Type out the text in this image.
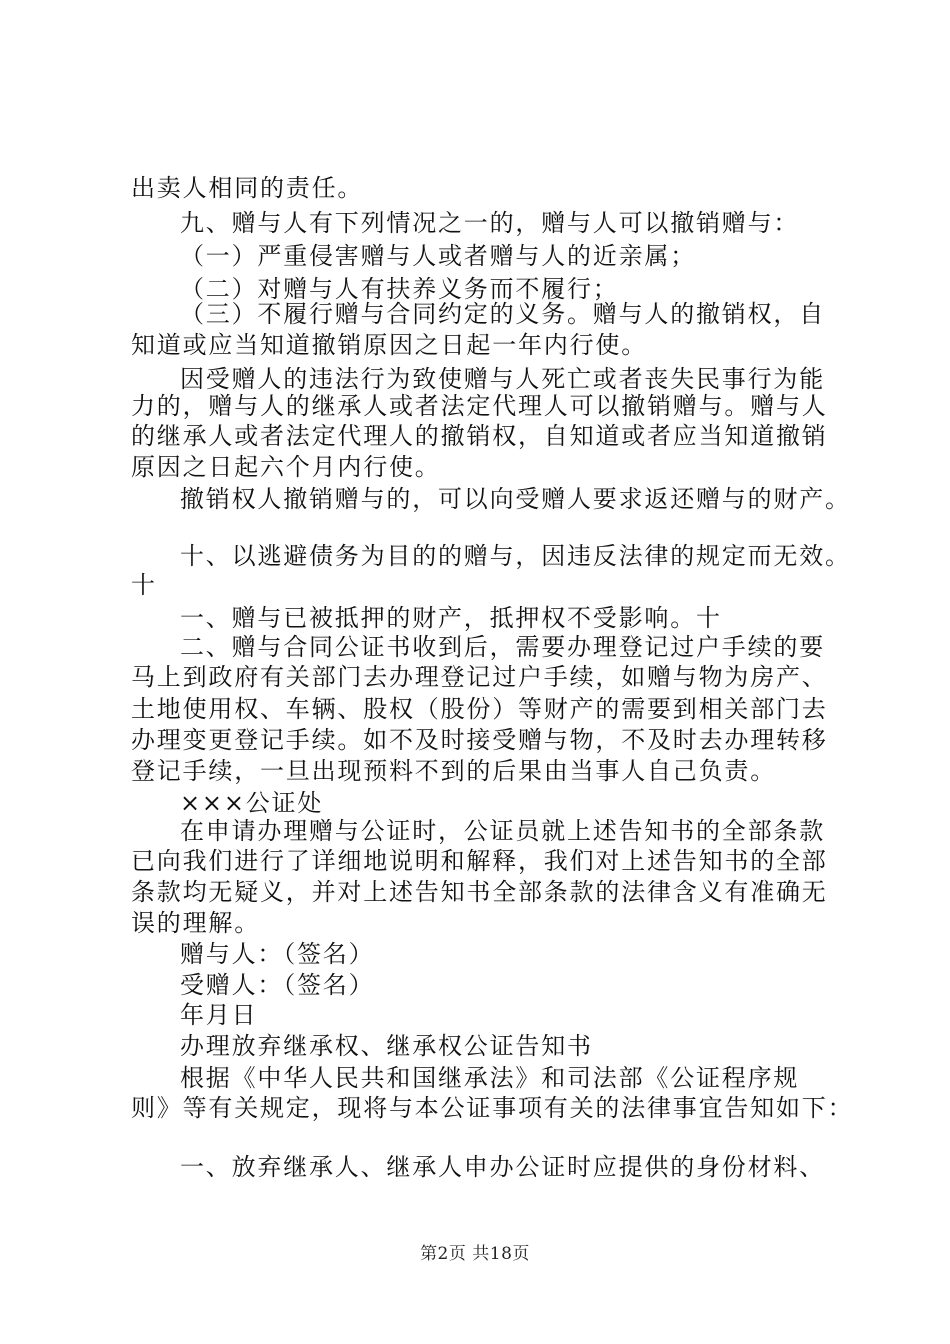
出卖人相同的责任。
九、赠与人有下列情况之一的，赠与人可以撤销赠与：
（一）严重侵害赠与人或者赠与人的近亲属；
（二）对赠与人有扶养义务而不履行；
（三）不履行赠与合同约定的义务。赠与人的撤销权，自
知道或应当知道撤销原因之日起一年内行使。
因受赠人的违法行为致使赠与人死亡或者丧失民事行为能
力的，赠与人的继承人或者法定代理人可以撤销赠与。赠与人
的继承人或者法定代理人的撤销权，自知道或者应当知道撤销
原因之日起六个月内行使。
撤销权人撤销赠与的，可以向受赠人要求返还赠与的财产。
十、以逃避债务为目的的赠与，因违反法律的规定而无效。
十
一、赠与已被抵押的财产，抵押权不受影响。十
二、赠与合同公证书收到后，需要办理登记过户手续的要
马上到政府有关部门去办理登记过户手续，如赠与物为房产、
土地使用权、车辆、股权（股份）等财产的需要到相关部门去
办理变更登记手续。如不及时接受赠与物，不及时去办理转移
登记手续，一旦出现预料不到的后果由当事人自己负责。
×××公证处
在申请办理赠与公证时，公证员就上述告知书的全部条款
已向我们进行了详细地说明和解释，我们对上述告知书的全部
条款均无疑义，并对上述告知书全部条款的法律含义有准确无
误的理解。
赠与人：（签名）
受赠人：（签名）
年月日
办理放弃继承权、继承权公证告知书
根据《中华人民共和国继承法》和司法部《公证程序规
则》等有关规定，现将与本公证事项有关的法律事宜告知如下：
一、放弃继承人、继承人申办公证时应提供的身份材料、
第2页 共18页
